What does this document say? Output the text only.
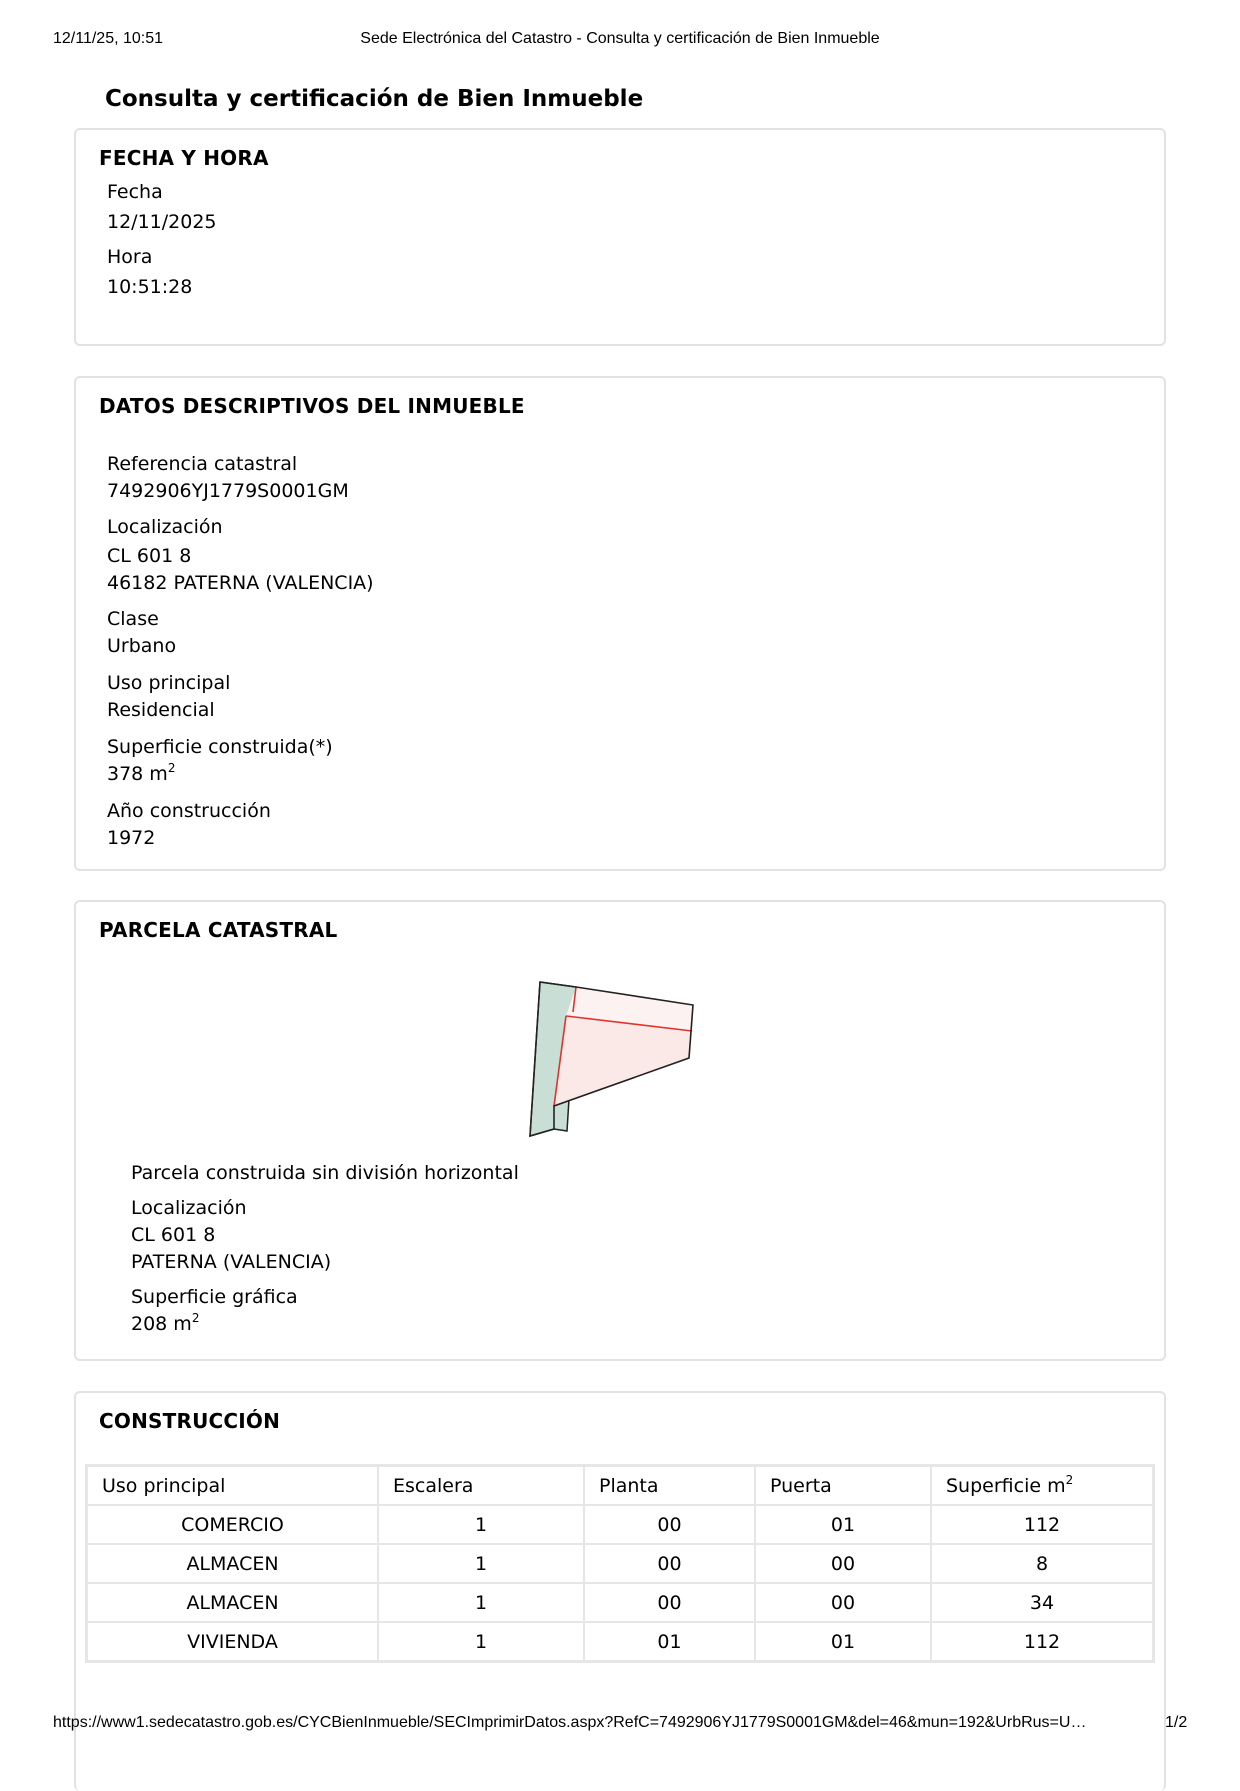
12/11/25, 10:51	Sede Electrónica del Catastro - Consulta y certificación de Bien Inmueble
Consulta y certificación de Bien Inmueble
FECHA Y HORA
Fecha
12/11/2025
Hora
10:51:28
DATOS DESCRIPTIVOS DEL INMUEBLE
Referencia catastral
7492906YJ1779S0001GM
Localización
CL 601 8
46182 PATERNA (VALENCIA)
Clase
Urbano
Uso principal
Residencial
Superficie construida(*)
378 $m^2$
Año construcción
1972
PARCELA CATASTRAL
Parcela construida sin división horizontal
Localización
CL 601 8
PATERNA (VALENCIA)
Superficie gráfica
208 $m^2$
CONSTRUCCIÓN
Uso principal	Escalera	Planta	Puerta	Superficie $m^2$
COMERCIO	1	00	01	112
ALMACEN	1	00	00	8
ALMACEN	1	00	00	34
VIVIENDA	1	01	01	112
https://www1.sedecatastro.gob.es/CYCBienInmueble/SECImprimirDatos.aspx?RefC=7492906YJ1779S0001GM&del=46&mun=192&UrbRus=U…	1/2
